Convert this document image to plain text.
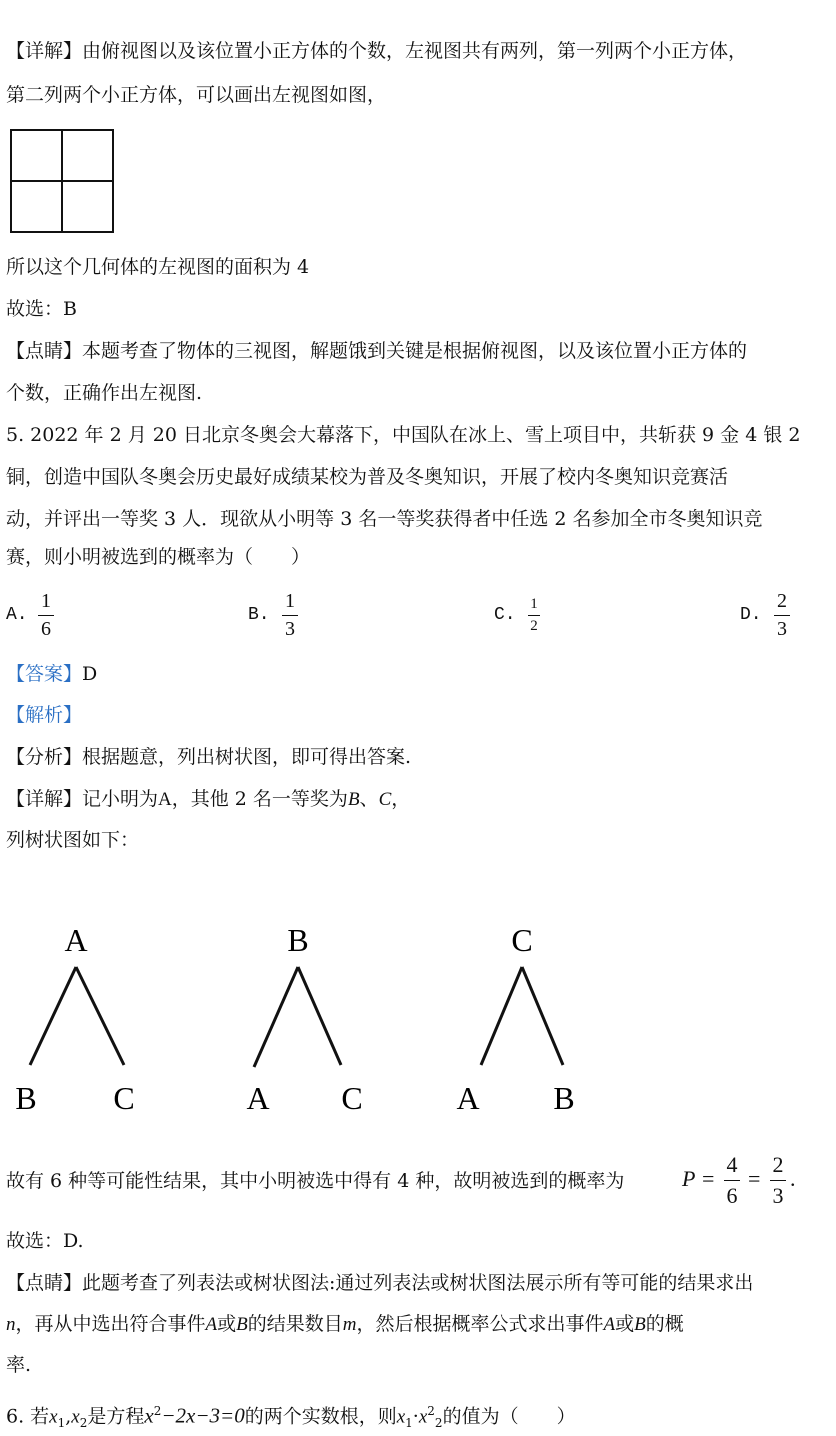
【详解】由俯视图以及该位置小正方体的个数，左视图共有两列，第一列两个小正方体，
第二列两个小正方体，可以画出左视图如图，
所以这个几何体的左视图的面积为 4
故选：B
【点睛】本题考查了物体的三视图，解题饿到关键是根据俯视图，以及该位置小正方体的
个数，正确作出左视图.
5. 2022 年 2 月 20 日北京冬奥会大幕落下，中国队在冰上、雪上项目中，共斩获 9 金 4 银 2
铜，创造中国队冬奥会历史最好成绩某校为普及冬奥知识，开展了校内冬奥知识竞赛活
动，并评出一等奖 3 人．现欲从小明等 3 名一等奖获得者中任选 2 名参加全市冬奥知识竞
赛，则小明被选到的概率为（　　）
A.
1
6
B.
1
3
C.
1
2
D.
2
3
【答案】D
【解析】
【分析】根据题意，列出树状图，即可得出答案.
【详解】记小明为A，其他 2 名一等奖为B、C，
列树状图如下：
A
B C
B
A C
C
A B
故有 6 种等可能性结果，其中小明被选中得有 4 种，故明被选到的概率为	P =
4
6
=
2
3
.
故选：D.
【点睛】此题考查了列表法或树状图法:通过列表法或树状图法展示所有等可能的结果求出
n，再从中选出符合事件A或B的结果数目m，然后根据概率公式求出事件A或B的概
率.
6. 若$x_1,x_2$是方程$x^2-2x-3=0$的两个实数根，则$x_1\cdot x^2_2$的值为（　　）
